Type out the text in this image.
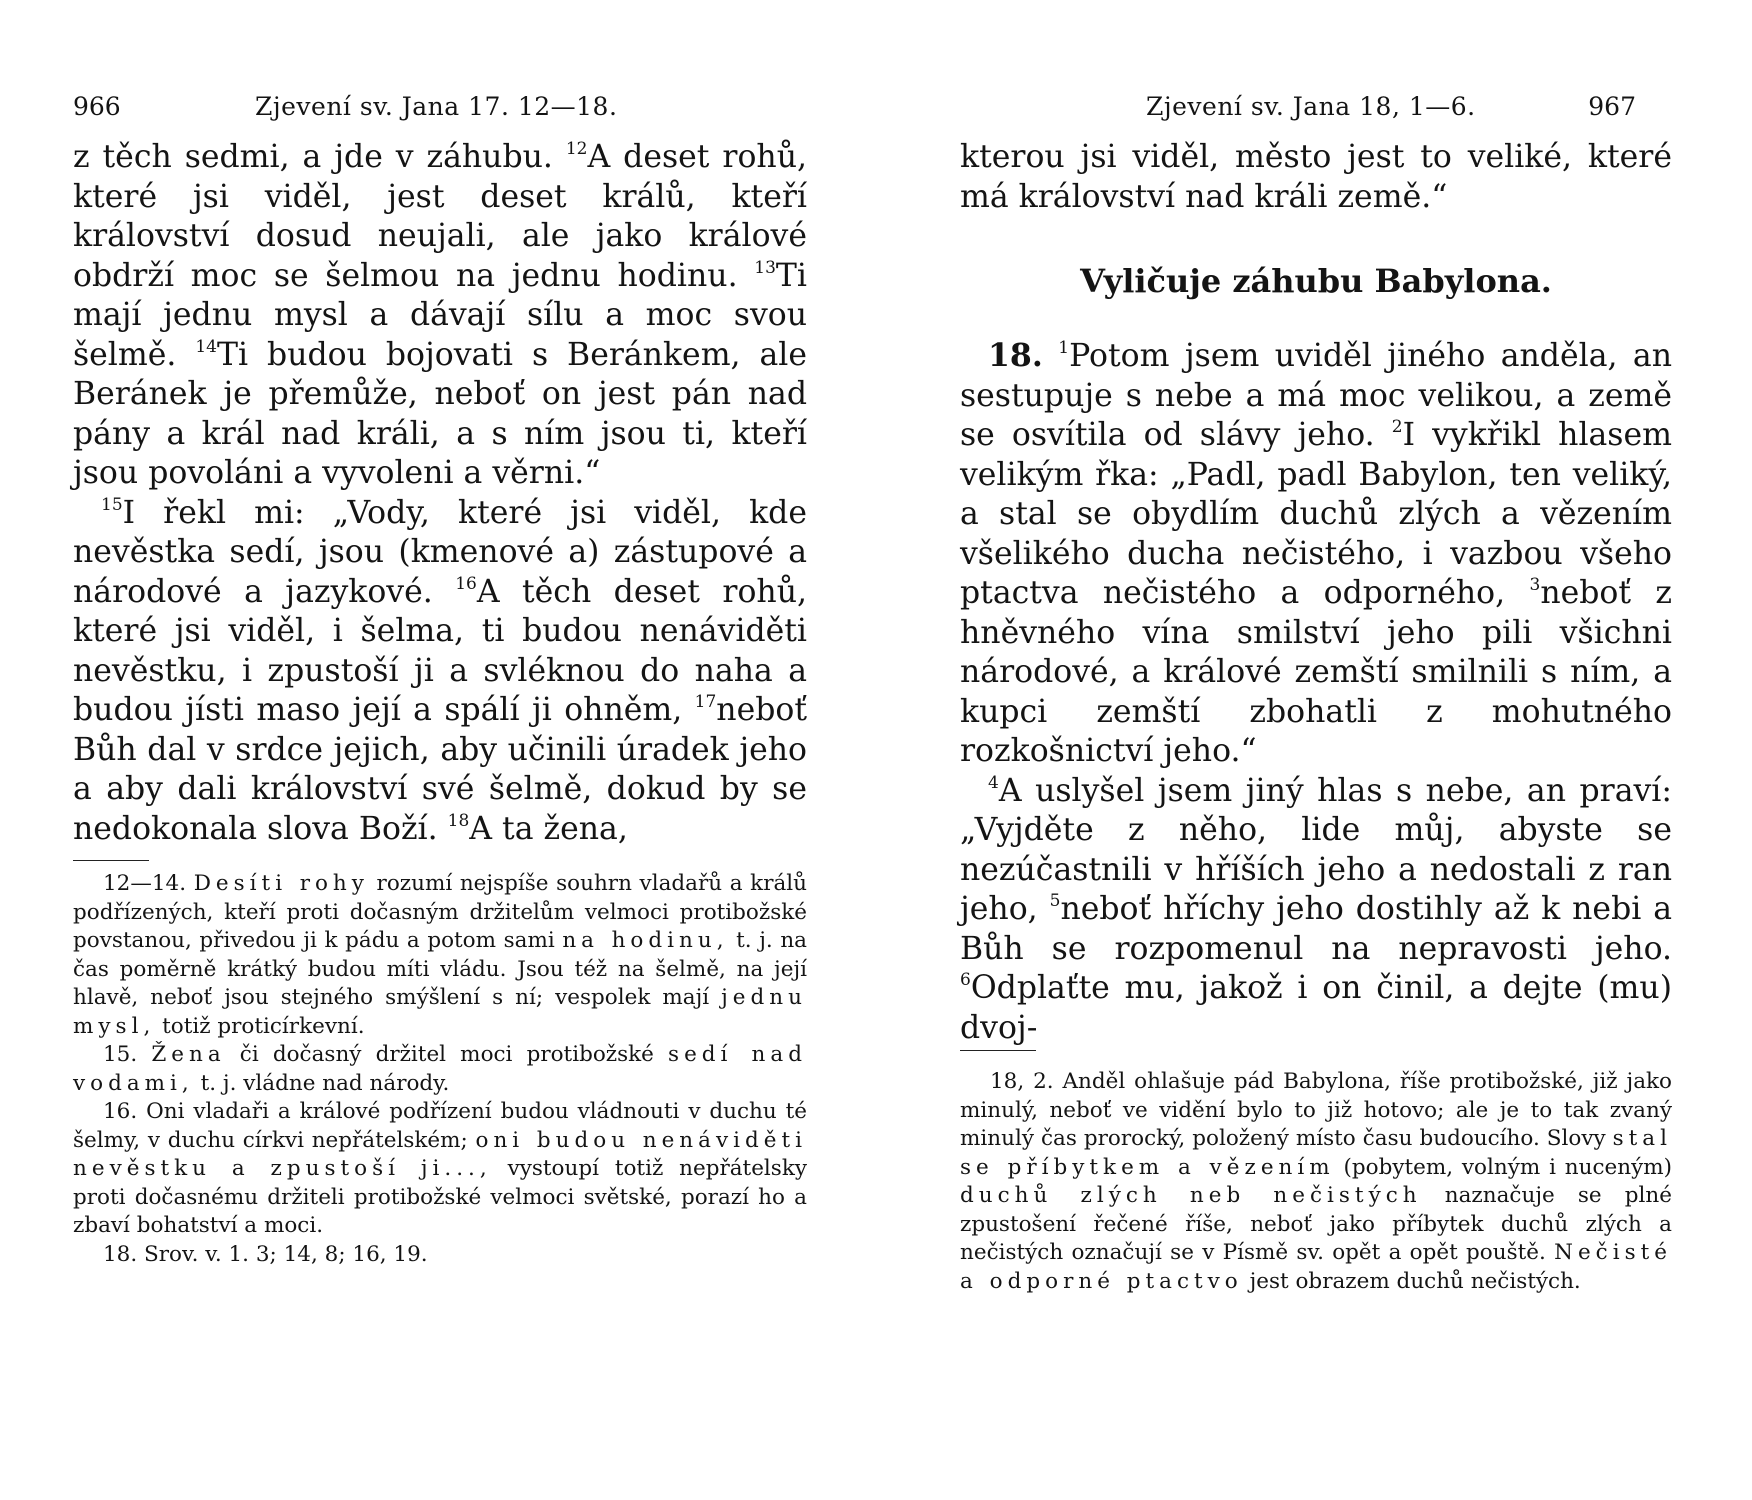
966	Zjevení sv. Jana 17. 12—18.

z těch sedmi, a jde v záhubu. $^{12}$A deset rohů, které jsi viděl, jest deset králů, kteří království dosud neujali, ale jako králové obdrží moc se šelmou na jednu hodinu. $^{13}$Ti mají jednu mysl a dávají sílu a moc svou šelmě. $^{14}$Ti budou bojovati s Beránkem, ale Beránek je přemůže, neboť on jest pán nad pány a král nad králi, a s ním jsou ti, kteří jsou povoláni a vyvoleni a věrni.“

$^{15}$I řekl mi: „Vody, které jsi viděl, kde nevěstka sedí, jsou (kmenové a) zástupové a národové a jazykové. $^{16}$A těch deset rohů, které jsi viděl, i šelma, ti budou nenáviděti nevěstku, i zpustoší ji a svléknou do naha a budou jísti maso její a spálí ji ohněm, $^{17}$neboť Bůh dal v srdce jejich, aby učinili úradek jeho a aby dali království své šelmě, dokud by se nedokonala slova Boží. $^{18}$A ta žena,

12—14. Desíti rohy rozumí nejspíše souhrn vladařů a králů podřízených, kteří proti dočasným držitelům velmoci protibožské povstanou, přivedou ji k pádu a potom sami na hodinu, t. j. na čas poměrně krátký budou míti vládu. Jsou též na šelmě, na její hlavě, neboť jsou stejného smýšlení s ní; vespolek mají jednu mysl, totiž proticírkevní.

15. Žena či dočasný držitel moci protibožské sedí nad vodami, t. j. vládne nad národy.

16. Oni vladaři a králové podřízení budou vládnouti v duchu té šelmy, v duchu církvi nepřátelském; oni budou nenáviděti nevěstku a zpustoší ji..., vystoupí totiž nepřátelsky proti dočasnému držiteli protibožské velmoci světské, porazí ho a zbaví bohatství a moci.

18. Srov. v. 1. 3; 14, 8; 16, 19.

Zjevení sv. Jana 18, 1—6.	967

kterou jsi viděl, město jest to veliké, které má království nad králi země.“

Vyličuje záhubu Babylona.

18. $^1$Potom jsem uviděl jiného anděla, an sestupuje s nebe a má moc velikou, a země se osvítila od slávy jeho. $^2$I vykřikl hlasem velikým řka: „Padl, padl Babylon, ten veliký, a stal se obydlím duchů zlých a vězením všelikého ducha nečistého, i vazbou všeho ptactva nečistého a odporného, $^3$neboť z hněvného vína smilství jeho pili všichni národové, a králové zemští smilnili s ním, a kupci zemští zbohatli z mohutného rozkošnictví jeho.“

$^4$A uslyšel jsem jiný hlas s nebe, an praví: „Vyjděte z něho, lide můj, abyste se nezúčastnili v hříších jeho a nedostali z ran jeho, $^5$neboť hříchy jeho dostihly až k nebi a Bůh se rozpomenul na nepravosti jeho. $^6$Odplaťte mu, jakož i on činil, a dejte (mu) dvoj-

18, 2. Anděl ohlašuje pád Babylona, říše protibožské, již jako minulý, neboť ve vidění bylo to již hotovo; ale je to tak zvaný minulý čas prorocký, položený místo času budoucího. Slovy stal se příbytkem a vězením (pobytem, volným i nuceným) duchů zlých neb nečistých naznačuje se plné zpustošení řečené říše, neboť jako příbytek duchů zlých a nečistých označují se v Písmě sv. opět a opět pouště. Nečisté a odporné ptactvo jest obrazem duchů nečistých.
